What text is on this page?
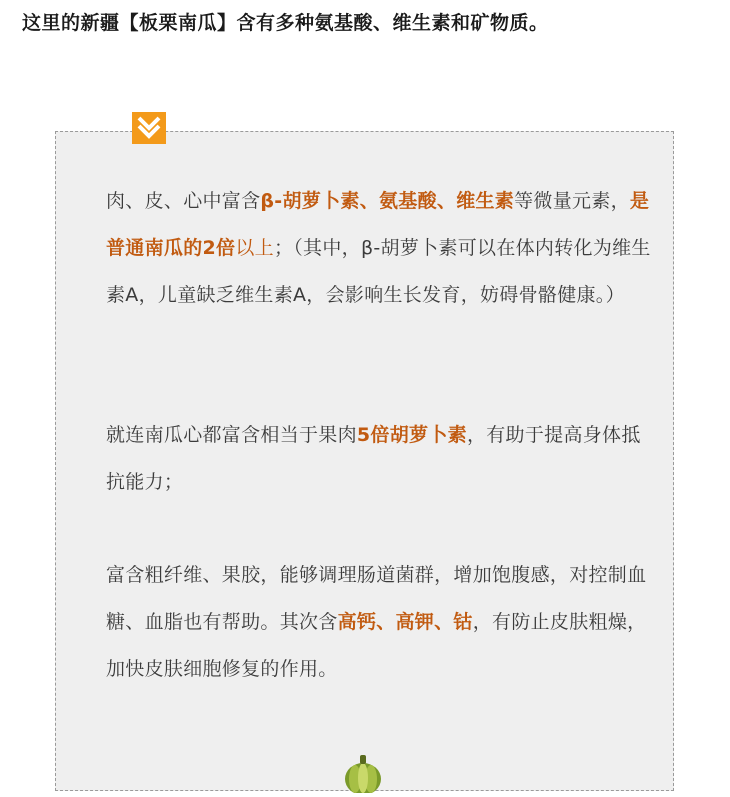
这里的新疆【板栗南瓜】含有多种氨基酸、维生素和矿物质。

肉、皮、心中富含β-胡萝卜素、氨基酸、维生素等微量元素，是普通南瓜的2倍以上；（其中，β-胡萝卜素可以在体内转化为维生素A，儿童缺乏维生素A，会影响生长发育，妨碍骨骼健康。）

就连南瓜心都富含相当于果肉5倍胡萝卜素，有助于提高身体抵抗能力；

富含粗纤维、果胶，能够调理肠道菌群，增加饱腹感，对控制血糖、血脂也有帮助。其次含高钙、高钾、钴，有防止皮肤粗燥，加快皮肤细胞修复的作用。
